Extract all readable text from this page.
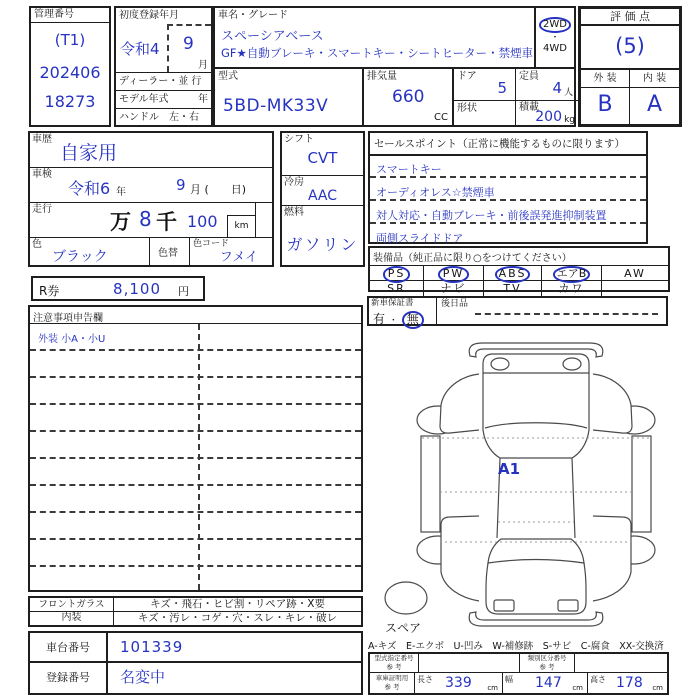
管理番号
(T1)
202406
18273
初度登録年月
令和4 9
月
ディーラー・並 行
モデル年式	年
ハンドル　左・右
車名・グレード
スペーシアベース
GF★自動ブレーキ・スマートキー・シートヒーター・禁煙車
2WD
・
4WD
型式
5BD-MK33V
排気量
660
CC
ドア
5
形状
定員
4 人
積載
200 kg
評 価 点
(5)
外 装	内 装
B	A
車歴
自家用
車検
令和6 年	9 月 (　　日)
走行
万 8 千 100	km
色
ブラック	色替
色コード
フメイ
シフト
CVT
冷房
AAC
燃料
ガソリン
セールスポイント（正常に機能するものに限ります）
スマートキー
オーディオレス☆禁煙車
対人対応・自動ブレーキ・前後誤発進抑制装置
両側スライドドア
装備品（純正品に限り○をつけてください）
PS	PW	ABS	エアB	AW
SR	ナビ	TV	カワ
新車保証書
有 ・ 無
後日品
R券	8,100 円
注意事項申告欄
外装 小A・小U
フロントガラス	キズ・飛石・ヒビ割・リペア跡・X要
内装	キズ・汚レ・コゲ・穴・スレ・キレ・破レ
車台番号	101339
登録番号	名変中
A-キズ　E-エクボ　U-凹み　W-補修跡　S-サビ　C-腐食　XX-交換済
型式指定番号
参 考
類別区分番号
参 考
車庫証明用
参 考
長さ 339 cm
幅 147 cm
高さ 178 cm
A1
スペア
